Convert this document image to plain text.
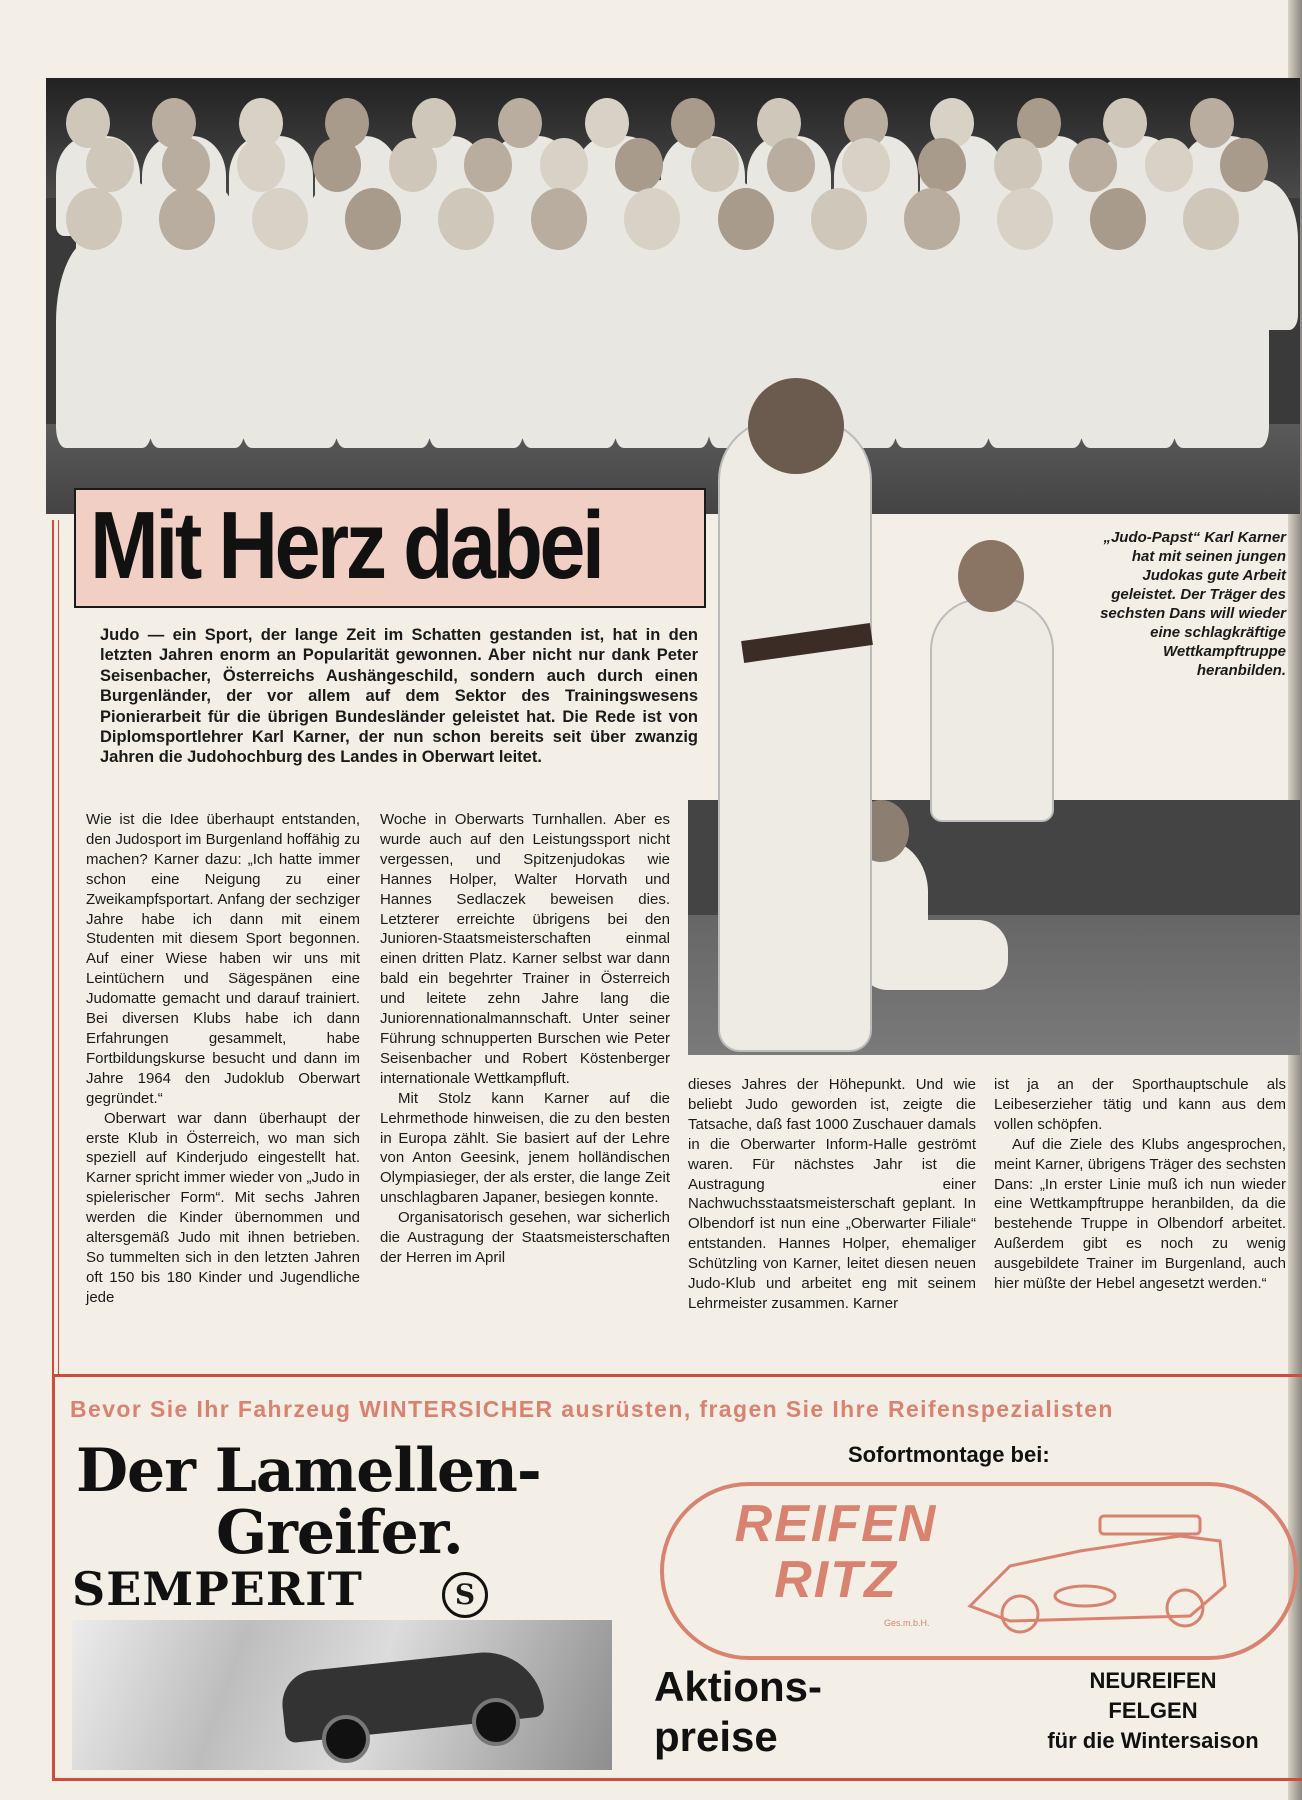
Mit Herz dabei	„Judo-Papst“ Karl Karner hat mit seinen jungen Judokas gute Arbeit geleistet. Der Träger des sechsten Dans will wieder eine schlagkräftige Wettkampftruppe heranbilden.
Judo — ein Sport, der lange Zeit im Schatten gestanden ist, hat in den letzten Jahren enorm an Popularität gewonnen. Aber nicht nur dank Peter Seisenbacher, Österreichs Aushängeschild, sondern auch durch einen Burgenländer, der vor allem auf dem Sektor des Trainingswesens Pionierarbeit für die übrigen Bundesländer geleistet hat. Die Rede ist von Diplomsportlehrer Karl Karner, der nun schon bereits seit über zwanzig Jahren die Judohochburg des Landes in Oberwart leitet.

Wie ist die Idee überhaupt entstanden, den Judosport im Burgenland hoffähig zu machen? Karner dazu: „Ich hatte immer schon eine Neigung zu einer Zweikampfsportart. Anfang der sechziger Jahre habe ich dann mit einem Studenten mit diesem Sport begonnen. Auf einer Wiese haben wir uns mit Leintüchern und Sägespänen eine Judomatte gemacht und darauf trainiert. Bei diversen Klubs habe ich dann Erfahrungen gesammelt, habe Fortbildungskurse besucht und dann im Jahre 1964 den Judoklub Oberwart gegründet.“

Oberwart war dann überhaupt der erste Klub in Österreich, wo man sich speziell auf Kinderjudo eingestellt hat. Karner spricht immer wieder von „Judo in spielerischer Form“. Mit sechs Jahren werden die Kinder übernommen und altersgemäß Judo mit ihnen betrieben. So tummelten sich in den letzten Jahren oft 150 bis 180 Kinder und Jugendliche jede

Woche in Oberwarts Turnhallen. Aber es wurde auch auf den Leistungssport nicht vergessen, und Spitzenjudokas wie Hannes Holper, Walter Horvath und Hannes Sedlaczek beweisen dies. Letzterer erreichte übrigens bei den Junioren-Staatsmeisterschaften einmal einen dritten Platz. Karner selbst war dann bald ein begehrter Trainer in Österreich und leitete zehn Jahre lang die Juniorennationalmannschaft. Unter seiner Führung schnupperten Burschen wie Peter Seisenbacher und Robert Köstenberger internationale Wettkampfluft.

Mit Stolz kann Karner auf die Lehrmethode hinweisen, die zu den besten in Europa zählt. Sie basiert auf der Lehre von Anton Geesink, jenem holländischen Olympiasieger, der als erster, die lange Zeit unschlagbaren Japaner, besiegen konnte.

Organisatorisch gesehen, war sicherlich die Austragung der Staatsmeisterschaften der Herren im April

dieses Jahres der Höhepunkt. Und wie beliebt Judo geworden ist, zeigte die Tatsache, daß fast 1000 Zuschauer damals in die Oberwarter Inform-Halle geströmt waren. Für nächstes Jahr ist die Austragung einer Nachwuchsstaatsmeisterschaft geplant. In Olbendorf ist nun eine „Oberwarter Filiale“ entstanden. Hannes Holper, ehemaliger Schützling von Karner, leitet diesen neuen Judo-Klub und arbeitet eng mit seinem Lehrmeister zusammen. Karner

ist ja an der Sporthauptschule als Leibeserzieher tätig und kann aus dem vollen schöpfen.

Auf die Ziele des Klubs angesprochen, meint Karner, übrigens Träger des sechsten Dans: „In erster Linie muß ich nun wieder eine Wettkampftruppe heranbilden, da die bestehende Truppe in Olbendorf arbeitet. Außerdem gibt es noch zu wenig ausgebildete Trainer im Burgenland, auch hier müßte der Hebel angesetzt werden.“

Bevor Sie Ihr Fahrzeug WINTERSICHER ausrüsten, fragen Sie Ihre Reifenspezialisten
Der Lamellen-
Greifer.
SEMPERIT	S
Sofortmontage bei:
REIFEN
RITZ
Ges.m.b.H.
Aktions-
preise
NEUREIFEN
FELGEN
für die Wintersaison
